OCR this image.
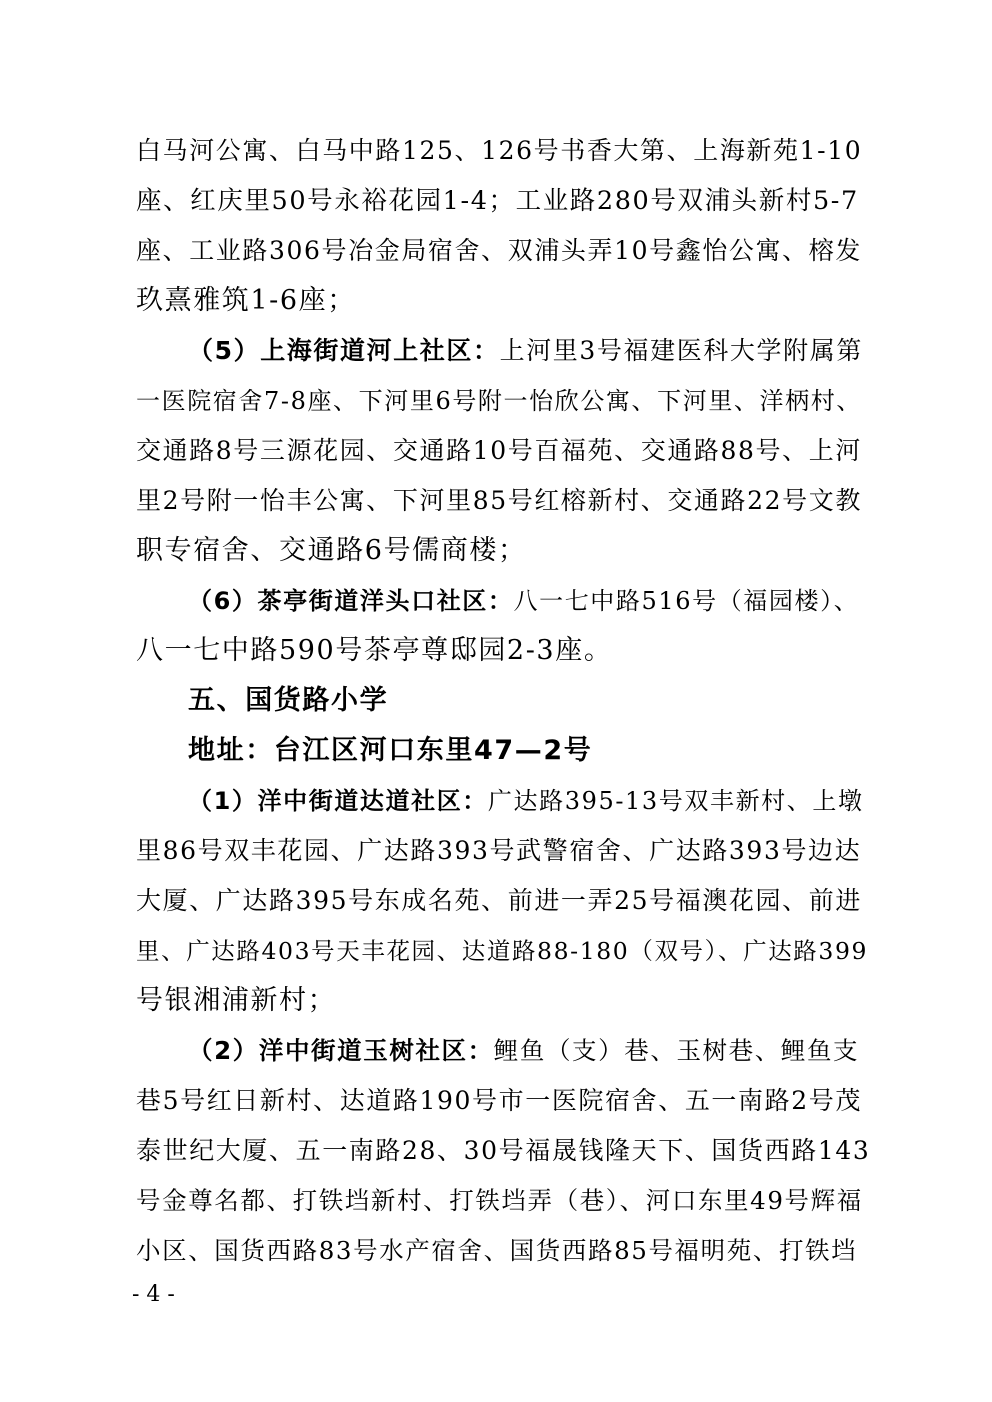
白马河公寓、白马中路125、126号书香大第、上海新苑1-10
座、红庆里50号永裕花园1-4；工业路280号双浦头新村5-7
座、工业路306号冶金局宿舍、双浦头弄10号鑫怡公寓、榕发
玖熹雅筑1-6座；
（5）上海街道河上社区：上河里3号福建医科大学附属第
一医院宿舍7-8座、下河里6号附一怡欣公寓、下河里、洋柄村、
交通路8号三源花园、交通路10号百福苑、交通路88号、上河
里2号附一怡丰公寓、下河里85号红榕新村、交通路22号文教
职专宿舍、交通路6号儒商楼；
（6）茶亭街道洋头口社区：八一七中路516号（福园楼）、
八一七中路590号茶亭尊邸园2-3座。
五、国货路小学
地址：台江区河口东里47—2号
（1）洋中街道达道社区：广达路395-13号双丰新村、上墩
里86号双丰花园、广达路393号武警宿舍、广达路393号边达
大厦、广达路395号东成名苑、前进一弄25号福澳花园、前进
里、广达路403号天丰花园、达道路88-180（双号）、广达路399
号银湘浦新村；
（2）洋中街道玉树社区：鲤鱼（支）巷、玉树巷、鲤鱼支
巷5号红日新村、达道路190号市一医院宿舍、五一南路2号茂
泰世纪大厦、五一南路28、30号福晟钱隆天下、国货西路143
号金尊名都、打铁垱新村、打铁垱弄（巷）、河口东里49号辉福
小区、国货西路83号水产宿舍、国货西路85号福明苑、打铁垱
- 4 -
